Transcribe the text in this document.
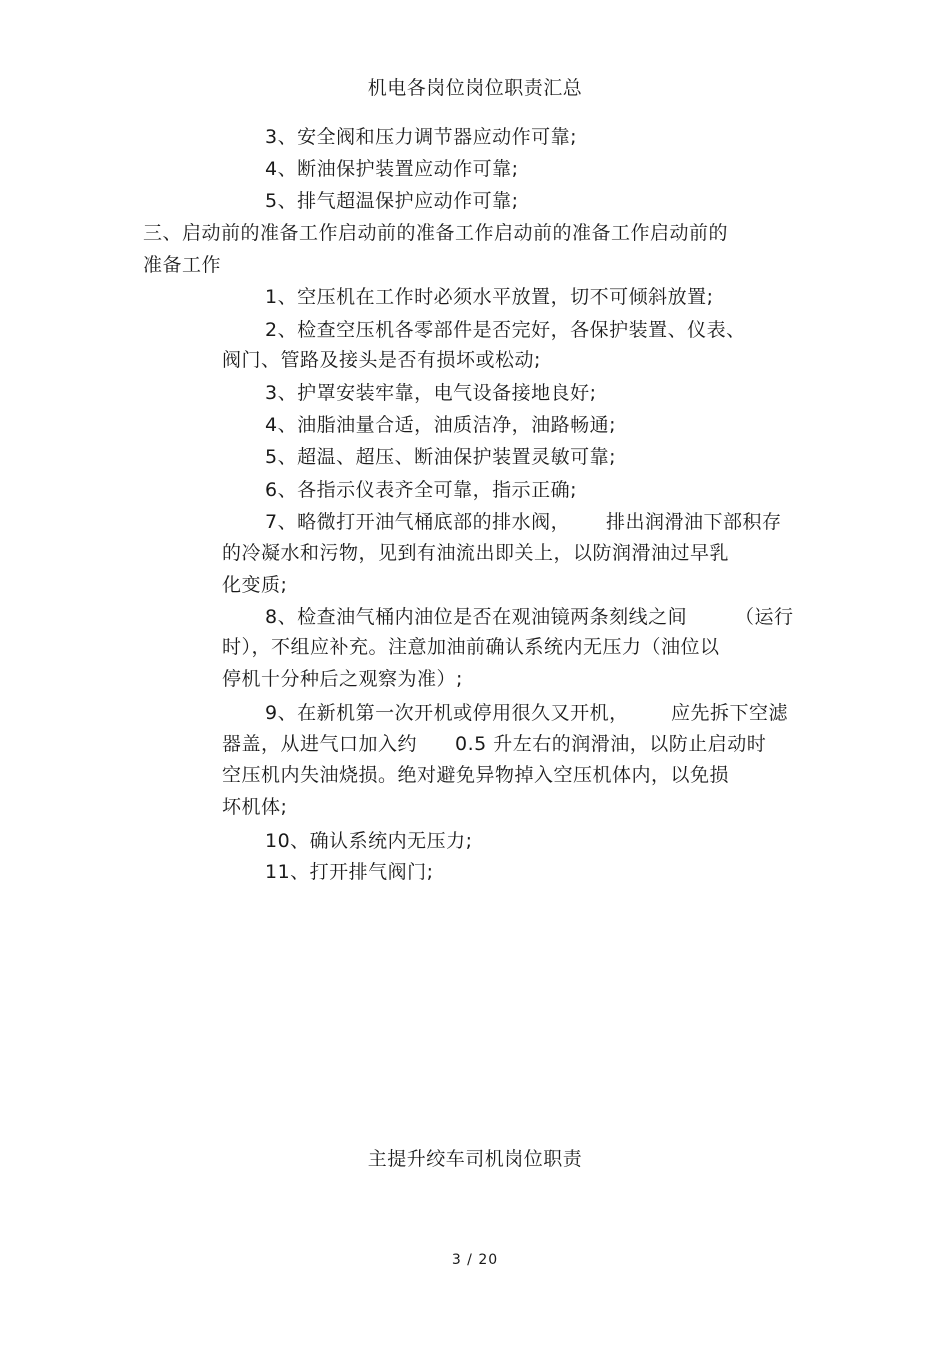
机电各岗位岗位职责汇总
3、安全阀和压力调节器应动作可靠;
4、断油保护装置应动作可靠;
5、排气超温保护应动作可靠;
三、启动前的准备工作启动前的准备工作启动前的准备工作启动前的
准备工作
1、空压机在工作时必须水平放置，切不可倾斜放置;
2、检查空压机各零部件是否完好，各保护装置、仪表、
阀门、管路及接头是否有损坏或松动;
3、护罩安装牢靠，电气设备接地良好;
4、油脂油量合适，油质洁净，油路畅通;
5、超温、超压、断油保护装置灵敏可靠;
6、各指示仪表齐全可靠，指示正确;
7、略微打开油气桶底部的排水阀， 排出润滑油下部积存
的冷凝水和污物，见到有油流出即关上，以防润滑油过早乳
化变质;
8、检查油气桶内油位是否在观油镜两条刻线之间	（运行
时），不组应补充。注意加油前确认系统内无压力（油位以
停机十分种后之观察为准）;
9、在新机第一次开机或停用很久又开机， 应先拆下空滤
器盖，从进气口加入约 0.5 升左右的润滑油，以防止启动时
空压机内失油烧损。绝对避免异物掉入空压机体内，以免损
坏机体;
10、确认系统内无压力;
11、打开排气阀门;
主提升绞车司机岗位职责
3 / 20
